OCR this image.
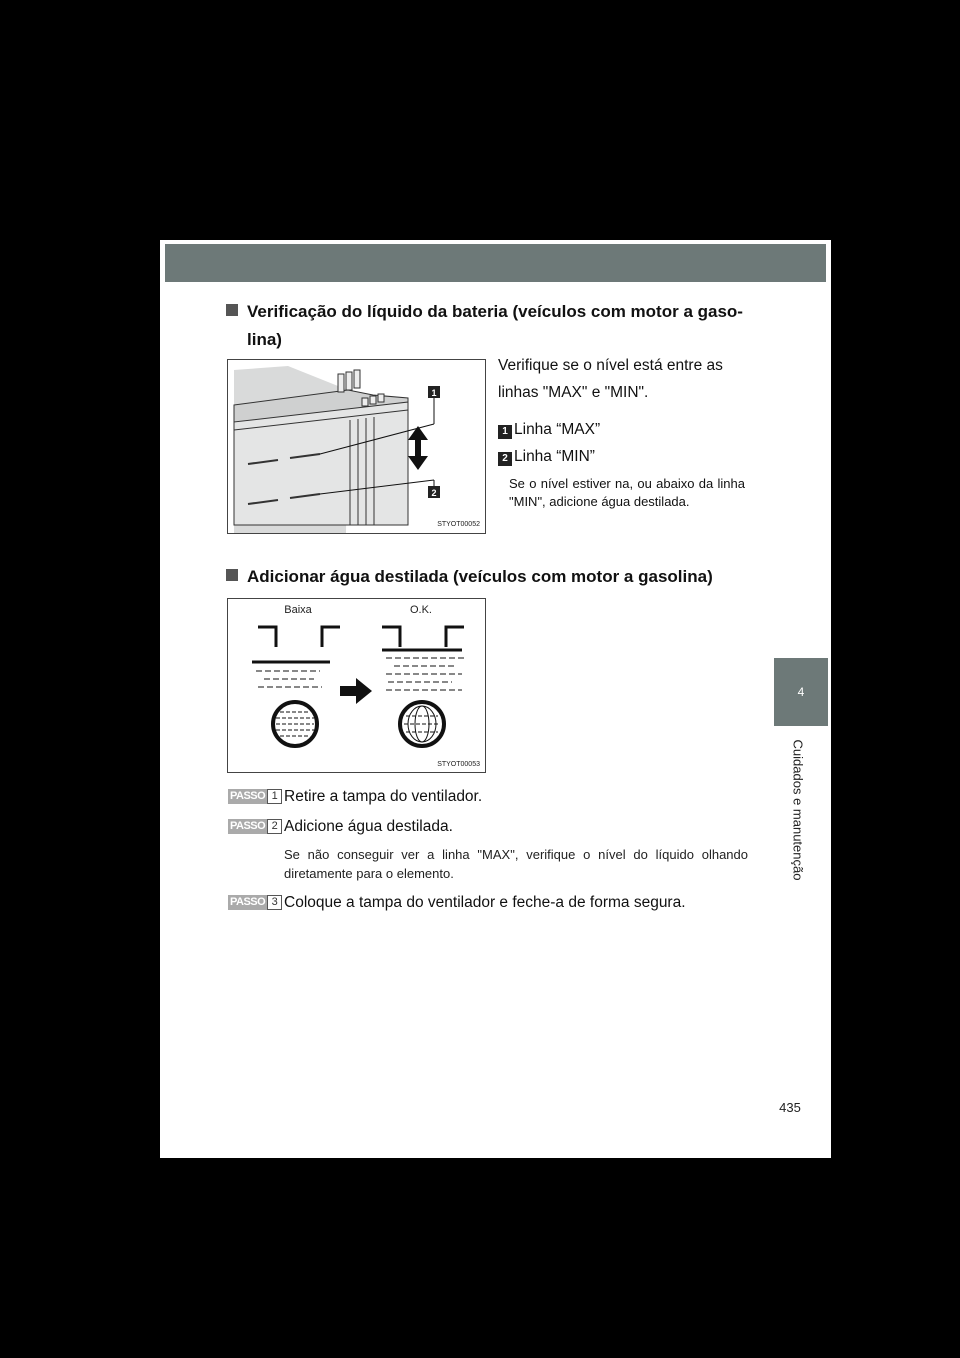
Verificação do líquido da bateria (veículos com motor a gaso-
lina)
1
2
STYOT00052
Verifique se o nível está entre as linhas "MAX" e "MIN".
1 Linha “MAX”
2 Linha “MIN”
Se o nível estiver na, ou abaixo da linha "MIN", adicione água destilada.
Adicionar água destilada (veículos com motor a gasolina)
Baixa	O.K.
STYOT00053
PASSO 1 Retire a tampa do ventilador.
PASSO 2 Adicione água destilada.
Se não conseguir ver a linha "MAX", verifique o nível do líquido olhando diretamente para o elemento.
PASSO 3 Coloque a tampa do ventilador e feche-a de forma segura.
4
Cuidados e manutenção
435
